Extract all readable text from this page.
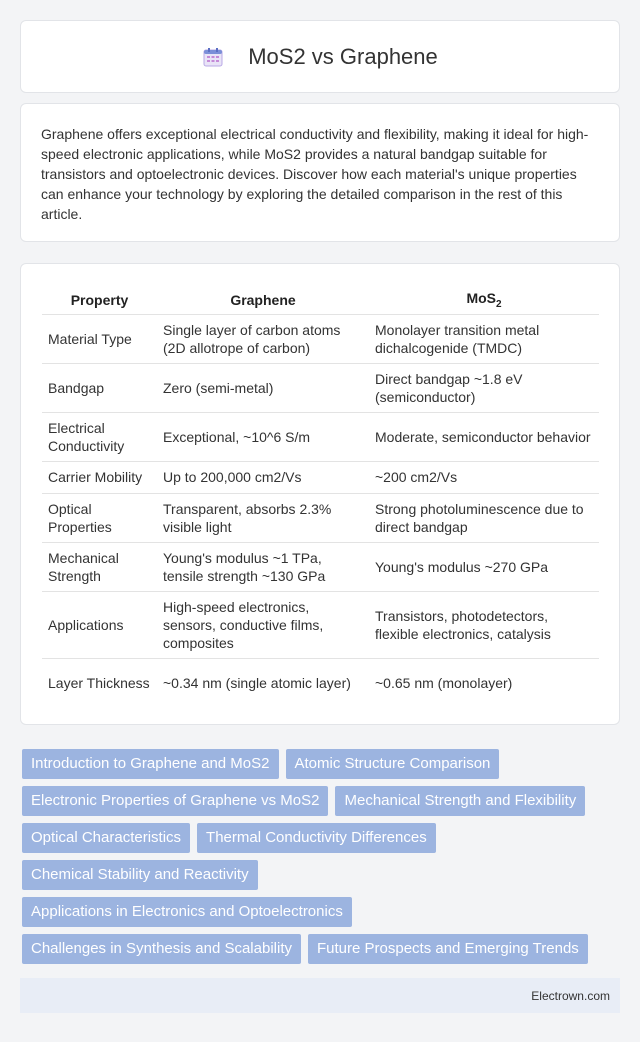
MoS2 vs Graphene

Graphene offers exceptional electrical conductivity and flexibility, making it ideal for high-speed electronic applications, while MoS2 provides a natural bandgap suitable for transistors and optoelectronic devices. Discover how each material's unique properties can enhance your technology by exploring the detailed comparison in the rest of this article.

Property	Graphene	MoS$_2$
Material Type	Single layer of carbon atoms (2D allotrope of carbon)	Monolayer transition metal dichalcogenide (TMDC)
Bandgap	Zero (semi-metal)	Direct bandgap ~1.8 eV (semiconductor)
Electrical Conductivity	Exceptional, ~10^6 S/m	Moderate, semiconductor behavior
Carrier Mobility	Up to 200,000 cm2/Vs	~200 cm2/Vs
Optical Properties	Transparent, absorbs 2.3% visible light	Strong photoluminescence due to direct bandgap
Mechanical Strength	Young's modulus ~1 TPa, tensile strength ~130 GPa	Young's modulus ~270 GPa
Applications	High-speed electronics, sensors, conductive films, composites	Transistors, photodetectors, flexible electronics, catalysis
Layer Thickness	~0.34 nm (single atomic layer)	~0.65 nm (monolayer)
Introduction to Graphene and MoS2	Atomic Structure Comparison
Electronic Properties of Graphene vs MoS2	Mechanical Strength and Flexibility
Optical Characteristics	Thermal Conductivity Differences
Chemical Stability and Reactivity
Applications in Electronics and Optoelectronics
Challenges in Synthesis and Scalability	Future Prospects and Emerging Trends
Electrown.com
